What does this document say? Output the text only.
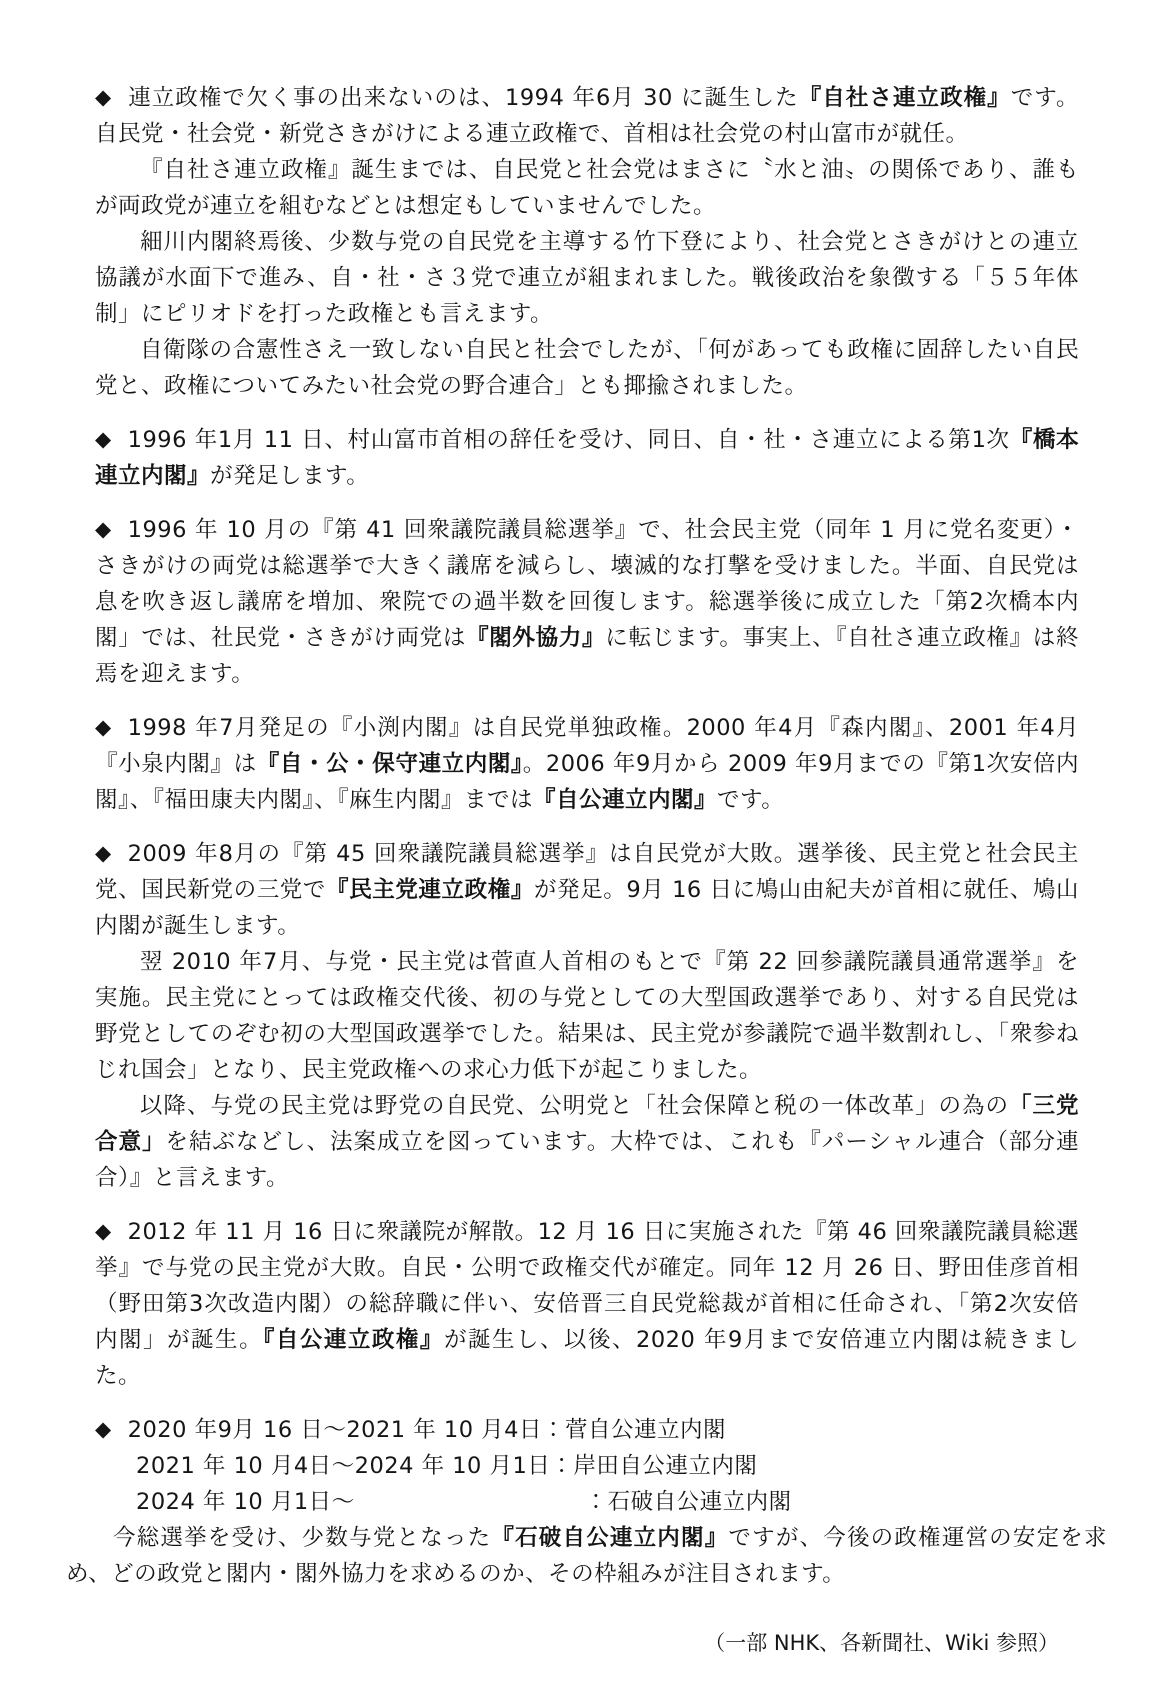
◆ 連立政権で欠く事の出来ないのは、1994 年6月 30 に誕生した『自社さ連立政権』です。自民党・社会党・新党さきがけによる連立政権で、首相は社会党の村山富市が就任。

『自社さ連立政権』誕生までは、自民党と社会党はまさに〝水と油〟の関係であり、誰もが両政党が連立を組むなどとは想定もしていませんでした。

細川内閣終焉後、少数与党の自民党を主導する竹下登により、社会党とさきがけとの連立協議が水面下で進み、自・社・さ３党で連立が組まれました。戦後政治を象徴する「５５年体制」にピリオドを打った政権とも言えます。

自衛隊の合憲性さえ一致しない自民と社会でしたが、「何があっても政権に固辞したい自民党と、政権についてみたい社会党の野合連合」とも揶揄されました。

◆ 1996 年1月 11 日、村山富市首相の辞任を受け、同日、自・社・さ連立による第1次『橋本連立内閣』が発足します。

◆ 1996 年 10 月の『第 41 回衆議院議員総選挙』で、社会民主党（同年 1 月に党名変更）・さきがけの両党は総選挙で大きく議席を減らし、壊滅的な打撃を受けました。半面、自民党は息を吹き返し議席を増加、衆院での過半数を回復します。総選挙後に成立した「第2次橋本内閣」では、社民党・さきがけ両党は『閣外協力』に転じます。事実上、『自社さ連立政権』は終焉を迎えます。

◆ 1998 年7月発足の『小渕内閣』は自民党単独政権。2000 年4月『森内閣』、2001 年4月『小泉内閣』は『自・公・保守連立内閣』。2006 年9月から 2009 年9月までの『第1次安倍内閣』、『福田康夫内閣』、『麻生内閣』までは『自公連立内閣』です。

◆ 2009 年8月の『第 45 回衆議院議員総選挙』は自民党が大敗。選挙後、民主党と社会民主党、国民新党の三党で『民主党連立政権』が発足。9月 16 日に鳩山由紀夫が首相に就任、鳩山内閣が誕生します。

翌 2010 年7月、与党・民主党は菅直人首相のもとで『第 22 回参議院議員通常選挙』を実施。民主党にとっては政権交代後、初の与党としての大型国政選挙であり、対する自民党は野党としてのぞむ初の大型国政選挙でした。結果は、民主党が参議院で過半数割れし、「衆参ねじれ国会」となり、民主党政権への求心力低下が起こりました。

以降、与党の民主党は野党の自民党、公明党と「社会保障と税の一体改革」の為の「三党合意」を結ぶなどし、法案成立を図っています。大枠では、これも『パーシャル連合（部分連合）』と言えます。

◆ 2012 年 11 月 16 日に衆議院が解散。12 月 16 日に実施された『第 46 回衆議院議員総選挙』で与党の民主党が大敗。自民・公明で政権交代が確定。同年 12 月 26 日、野田佳彦首相（野田第3次改造内閣）の総辞職に伴い、安倍晋三自民党総裁が首相に任命され、「第2次安倍内閣」が誕生。『自公連立政権』が誕生し、以後、2020 年9月まで安倍連立内閣は続きました。

◆ 2020 年9月 16 日～2021 年 10 月4日：菅自公連立内閣

2021 年 10 月4日～2024 年 10 月1日：岸田自公連立内閣

2024 年 10 月1日～　　　　　　　　　　：石破自公連立内閣

今総選挙を受け、少数与党となった『石破自公連立内閣』ですが、今後の政権運営の安定を求め、どの政党と閣内・閣外協力を求めるのか、その枠組みが注目されます。

（一部 NHK、各新聞社、Wiki 参照）
